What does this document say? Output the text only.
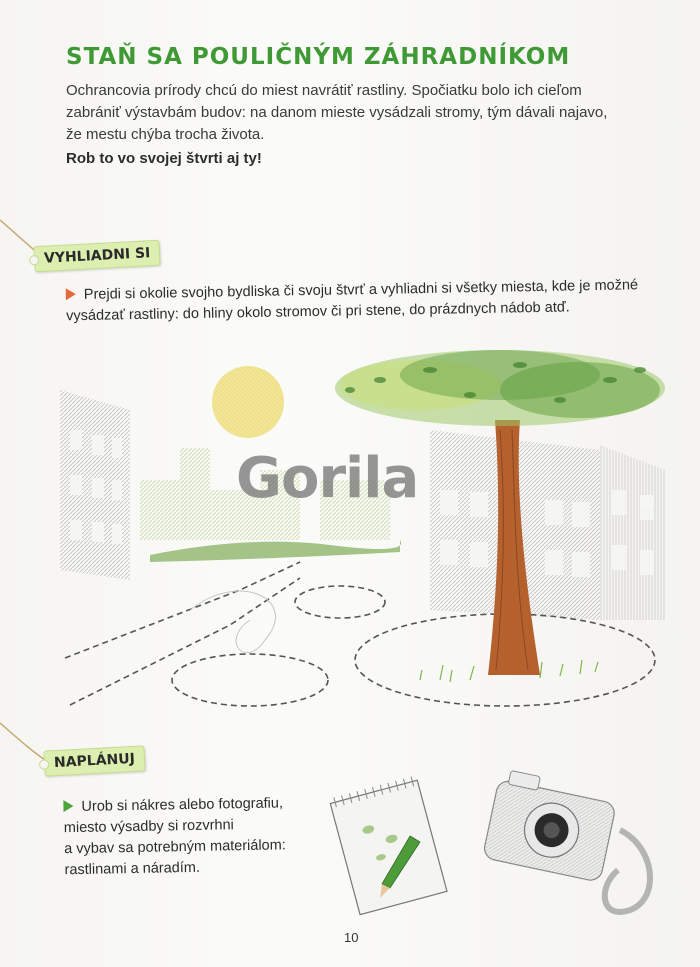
STAŇ SA POULIČNÝM ZÁHRADNÍKOM
Ochrancovia prírody chcú do miest navrátiť rastliny. Spočiatku bolo ich cieľom
zabrániť výstavbám budov: na danom mieste vysádzali stromy, tým dávali najavo,
že mestu chýba trocha života.
Rob to vo svojej štvrti aj ty!
VYHLIADNI SI
Prejdi si okolie svojho bydliska či svoju štvrť a vyhliadni si všetky miesta, kde je možné
vysádzať rastliny: do hliny okolo stromov či pri stene, do prázdnych nádob atď.
Gorila
NAPLÁNUJ
Urob si nákres alebo fotografiu,
miesto výsadby si rozvrhni
a vybav sa potrebným materiálom:
rastlinami a náradím.
10
